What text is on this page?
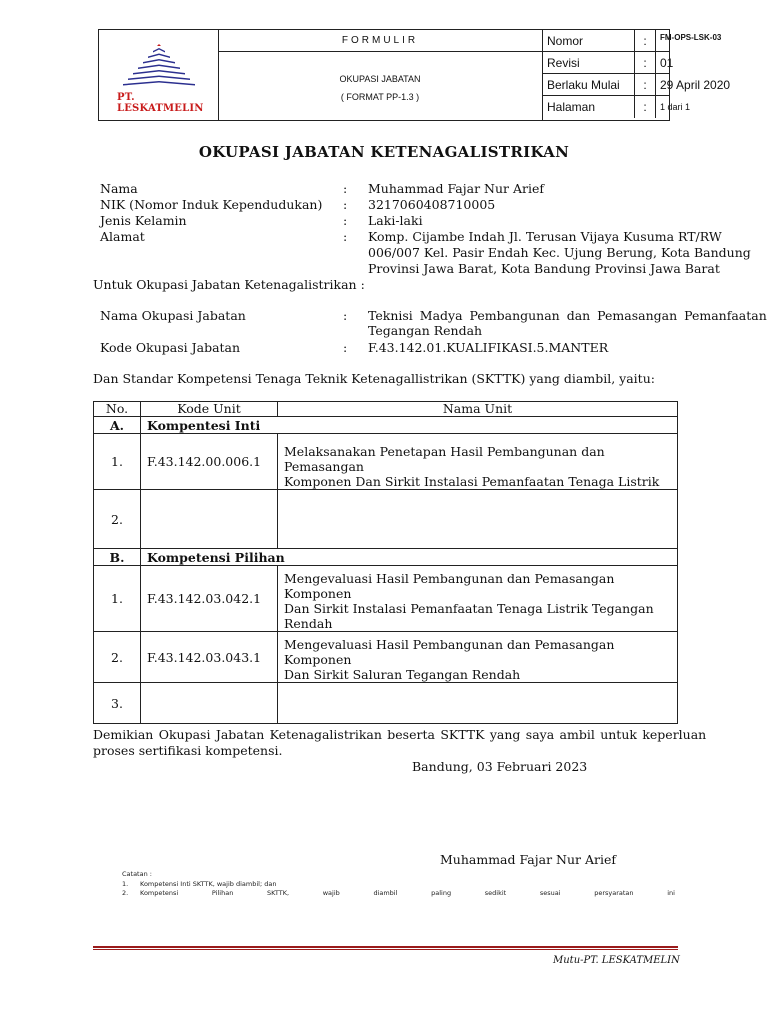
PT. LESKATMELIN
FORMULIR
OKUPASI JABATAN
( FORMAT PP-1.3 )
Nomor	:	FM-OPS-LSK-03
Revisi	:	01
Berlaku Mulai	:	29 April 2020
Halaman	:	1 dari 1
OKUPASI JABATAN KETENAGALISTRIKAN
Nama	: Muhammad Fajar Nur Arief
NIK (Nomor Induk Kependudukan) : 3217060408710005
Jenis Kelamin	: Laki-laki
Alamat	: Komp. Cijambe Indah Jl. Terusan Vijaya Kusuma RT/RW
006/007 Kel. Pasir Endah Kec. Ujung Berung, Kota Bandung
Provinsi Jawa Barat, Kota Bandung Provinsi Jawa Barat
Untuk Okupasi Jabatan Ketenagalistrikan :
Nama Okupasi Jabatan	: Teknisi Madya Pembangunan dan Pemasangan Pemanfaatan
Tegangan Rendah
Kode Okupasi Jabatan	: F.43.142.01.KUALIFIKASI.5.MANTER
Dan Standar Kompetensi Tenaga Teknik Ketenagallistrikan (SKTTK) yang diambil, yaitu:
No.	Kode Unit	Nama Unit
A.	Kompentesi Inti	
1.	F.43.142.00.006.1	Melaksanakan Penetapan Hasil Pembangunan dan Pemasangan
Komponen Dan Sirkit Instalasi Pemanfaatan Tenaga Listrik

2.		
B.	Kompetensi Pilihan	
1.	F.43.142.03.042.1	Mengevaluasi Hasil Pembangunan dan Pemasangan Komponen
Dan Sirkit Instalasi Pemanfaatan Tenaga Listrik Tegangan
Rendah

2.	F.43.142.03.043.1	Mengevaluasi Hasil Pembangunan dan Pemasangan Komponen
Dan Sirkit Saluran Tegangan Rendah

3.		
Demikian Okupasi Jabatan Ketenagalistrikan beserta SKTTK yang saya ambil untuk keperluan
proses sertifikasi kompetensi.
Bandung, 03 Februari 2023
Muhammad Fajar Nur Arief
Catatan :
1. Kompetensi Inti SKTTK, wajib diambil; dan
2. Kompetensi	Pilihan	SKTTK,	wajib	diambil	paling	sedikit	sesuai	persyaratan	ini
Mutu-PT. LESKATMELIN
